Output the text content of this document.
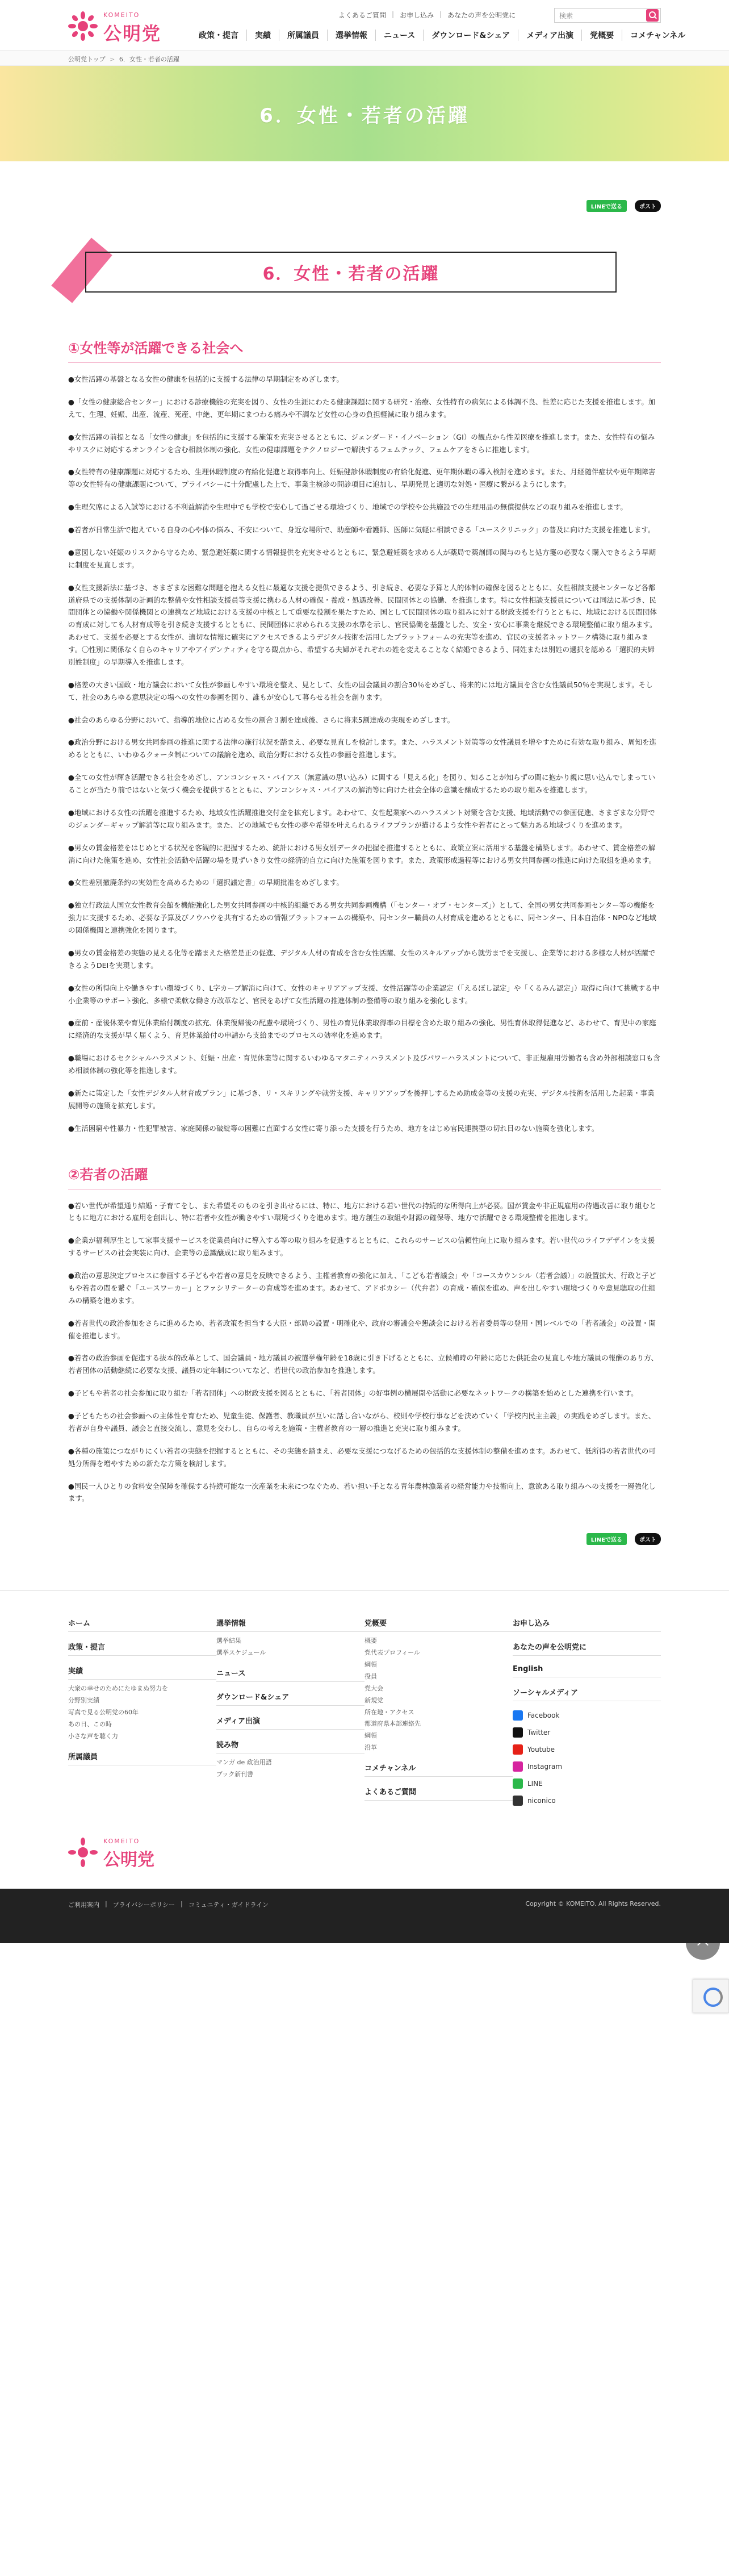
KOMEITO
公明党
よくあるご質問 | お申し込み | あなたの声を公明党に	検索
政策・提言	実績	所属議員	選挙情報	ニュース	ダウンロード&シェア	メディア出演	党概要	コメチャンネル
公明党トップ > 6．女性・若者の活躍
6．女性・若者の活躍
LINEで送る	ポスト
6．女性・若者の活躍
①女性等が活躍できる社会へ

●女性活躍の基盤となる女性の健康を包括的に支援する法律の早期制定をめざします。

●「女性の健康総合センター」における診療機能の充実を図り、女性の生涯にわたる健康課題に関する研究・治療、女性特有の病気による体調不良、性差に応じた支援を推進します。加えて、生理、妊娠、出産、流産、死産、中絶、更年期にまつわる痛みや不調など女性の心身の負担軽減に取り組みます。

●女性活躍の前提となる「女性の健康」を包括的に支援する施策を充実させるとともに、ジェンダード・イノベーション（GI）の観点から性差医療を推進します。また、女性特有の悩みやリスクに対応するオンラインを含む相談体制の強化、女性の健康課題をテクノロジーで解決するフェムテック、フェムケアをさらに推進します。

●女性特有の健康課題に対応するため、生理休暇制度の有給化促進と取得率向上、妊娠健診休暇制度の有給化促進、更年期休暇の導入検討を進めます。また、月経随伴症状や更年期障害等の女性特有の健康課題について、プライバシーに十分配慮した上で、事業主検診の問診項目に追加し、早期発見と適切な対処・医療に繋がるようにします。

●生理欠席による入試等における不利益解消や生理中でも学校で安心して過ごせる環境づくり、地域での学校や公共施設での生理用品の無償提供などの取り組みを推進します。

●若者が日常生活で抱えている自身の心や体の悩み、不安について、身近な場所で、助産師や看護師、医師に気軽に相談できる「ユースクリニック」の普及に向けた支援を推進します。

●意図しない妊娠のリスクから守るため、緊急避妊薬に関する情報提供を充実させるとともに、緊急避妊薬を求める人が薬局で薬剤師の関与のもと処方箋の必要なく購入できるよう早期に制度を見直します。

●女性支援新法に基づき、さまざまな困難な問題を抱える女性に最適な支援を提供できるよう、引き続き、必要な予算と人的体制の確保を図るとともに、女性相談支援センターなど各都道府県での支援体制の計画的な整備や女性相談支援員等支援に携わる人材の確保・養成・処遇改善、民間団体との協働、を推進します。特に女性相談支援員については同法に基づき、民間団体との協働や関係機関との連携など地域における支援の中核として重要な役割を果たすため、国として民間団体の取り組みに対する財政支援を行うとともに、地域における民間団体の育成に対しても人材育成等を引き続き支援するとともに、民間団体に求められる支援の水準を示し、官民協働を基盤とした、安全・安心に事業を継続できる環境整備に取り組みます。あわせて、支援を必要とする女性が、適切な情報に確実にアクセスできるようデジタル技術を活用したプラットフォームの充実等を進め、官民の支援者ネットワーク構築に取り組みます。〇性別に関係なく自らのキャリアやアイデンティティを守る観点から、希望する夫婦がそれぞれの姓を変えることなく結婚できるよう、同姓または別姓の選択を認める「選択的夫婦別姓制度」の早期導入を推進します。

●格差の大きい国政・地方議会において女性が参画しやすい環境を整え、見として、女性の国会議員の割合30％をめざし、将来的には地方議員を含む女性議員50％を実現します。そして、社会のあらゆる意思決定の場への女性の参画を図り、誰もが安心して暮らせる社会を創ります。

●社会のあらゆる分野において、指導的地位に占める女性の割合３割を達成後、さらに将来5割達成の実現をめざします。

●政治分野における男女共同参画の推進に関する法律の施行状況を踏まえ、必要な見直しを検討します。また、ハラスメント対策等の女性議員を増やすために有効な取り組み、周知を進めるとともに、いわゆるクォータ制についての議論を進め、政治分野における女性の参画を推進します。

●全ての女性が輝き活躍できる社会をめざし、アンコンシャス・バイアス（無意識の思い込み）に関する「見える化」を図り、知ることが知らずの間に抱かり親に思い込んでしまっていることが当たり前ではないと気づく機会を提供するとともに、アンコンシャス・バイアスの解消等に向けた社会全体の意識を醸成するための取り組みを推進します。

●地域における女性の活躍を推進するため、地域女性活躍推進交付金を拡充します。あわせて、女性起業家へのハラスメント対策を含む支援、地域活動での参画促進、さまざまな分野でのジェンダーギャップ解消等に取り組みます。また、どの地域でも女性の夢や希望を叶えられるライフプランが描けるよう女性や若者にとって魅力ある地域づくりを進めます。

●男女の賃金格差をはじめとする状況を客観的に把握するため、統計における男女別データの把握を推進するとともに、政策立案に活用する基盤を構築します。あわせて、賃金格差の解消に向けた施策を進め、女性社会活動や活躍の場を見ずいきり女性の経済的自立に向けた施策を図ります。また、政策形成過程等における男女共同参画の推進に向けた取組を進めます。

●女性差別撤廃条約の実効性を高めるための「選択議定書」の早期批准をめざします。

●独立行政法人国立女性教育会館を機能強化した男女共同参画の中核的組織である男女共同参画機構（「センター・オブ・センターズ」）として、全国の男女共同参画センター等の機能を強力に支援するため、必要な予算及びノウハウを共有するための情報プラットフォームの構築や、同センター職員の人材育成を進めるとともに、同センター、日本自治体・NPOなど地域の関係機関と連携強化を図ります。

●男女の賃金格差の実態の見える化等を踏まえた格差是正の促進、デジタル人材の育成を含む女性活躍、女性のスキルアップから就労までを支援し、企業等における多様な人材が活躍できるようDEIを実現します。

●女性の所得向上や働きやすい環境づくり、L字カーブ解消に向けて、女性のキャリアアップ支援、女性活躍等の企業認定（「えるぼし認定」や「くるみん認定」）取得に向けて挑戦する中小企業等のサポート強化、多様で柔軟な働き方改革など、官民をあげて女性活躍の推進体制の整備等の取り組みを強化します。

●産前・産後休業や育児休業給付制度の拡充、休業復帰後の配慮や環境づくり、男性の育児休業取得率の目標を含めた取り組みの強化、男性育休取得促進など、あわせて、育児中の家庭に経済的な支援が早く届くよう、育児休業給付の申請から支給までのプロセスの効率化を進めます。

●職場におけるセクシャルハラスメント、妊娠・出産・育児休業等に関するいわゆるマタニティハラスメント及びパワーハラスメントについて、非正規雇用労働者も含め外部相談窓口も含め相談体制の強化等を推進します。

●新たに策定した「女性デジタル人材育成プラン」に基づき、リ・スキリングや就労支援、キャリアアップを後押しするため助成金等の支援の充実、デジタル技術を活用した起業・事業展開等の施策を拡充します。

●生活困窮や性暴力・性犯罪被害、家庭関係の破綻等の困難に直面する女性に寄り添った支援を行うため、地方をはじめ官民連携型の切れ目のない施策を強化します。

②若者の活躍

●若い世代が希望通り結婚・子育てをし、また希望そのものを引き出せるには、特に、地方における若い世代の持続的な所得向上が必要。国が賃金や非正規雇用の待遇改善に取り組むとともに地方における雇用を創出し、特に若者や女性が働きやすい環境づくりを進めます。地方創生の取組や財源の確保等、地方で活躍できる環境整備を推進します。

●企業が福利厚生として家事支援サービスを従業員向けに導入する等の取り組みを促進するとともに、これらのサービスの信頼性向上に取り組みます。若い世代のライフデザインを支援するサービスの社会実装に向け、企業等の意識醸成に取り組みます。

●政治の意思決定プロセスに参画する子どもや若者の意見を反映できるよう、主権者教育の強化に加え、「こども若者議会」や「コースカウンシル（若者会議）」の設置拡大、行政と子どもや若者の間を繋ぐ「ユースワーカー」とファシリテーターの育成等を進めます。あわせて、アドボカシー（代弁者）の育成・確保を進め、声を出しやすい環境づくりや意見聴取の仕組みの構築を進めます。

●若者世代の政治参加をさらに進めるため、若者政策を担当する大臣・部局の設置・明確化や、政府の審議会や懇談会における若者委員等の登用・国レベルでの「若者議会」の設置・開催を推進します。

●若者の政治参画を促進する抜本的改革として、国会議員・地方議員の被選挙権年齢を18歳に引き下げるとともに、立候補時の年齢に応じた供託金の見直しや地方議員の報酬のあり方、若者団体の活動継続に必要な支援、議員の定年制についてなど、若世代の政治参加を推進します。

●子どもや若者の社会参加に取り組む「若者団体」への財政支援を図るとともに、「若者団体」の好事例の横展開や活動に必要なネットワークの構築を始めとした連携を行います。

●子どもたちの社会参画への主体性を育むため、児童生徒、保護者、教職員が互いに話し合いながら、校則や学校行事などを決めていく「学校内民主主義」の実践をめざします。また、若者が自身や議員、議会と直接交流し、意見を交わし、自らの考えを施策・主権者教育の一層の推進と充実に取り組みます。

●各種の施策につながりにくい若者の実態を把握するとともに、その実態を踏まえ、必要な支援につなげるための包括的な支援体制の整備を進めます。あわせて、低所得の若者世代の可処分所得を増やすための新たな方策を検討します。

●国民一人ひとりの食料安全保障を確保する持続可能な一次産業を未来につなぐため、若い担い手となる青年農林漁業者の経営能力や技術向上、意欲ある取り組みへの支援を一層強化します。

LINEで送る	ポスト
ホーム
政策・提言
実績
大衆の幸せのためにたゆまぬ努力を
分野別実績
写真で見る公明党の60年
あの日、この時
小さな声を聴く力
所属議員
選挙情報
選挙結果
選挙スケジュール
ニュース
ダウンロード&シェア
メディア出演
読み物
マンガ de 政治用語
ブック新刊書
党概要
概要
党代表プロフィール
綱領
役員
党大会
新規党
所在地・アクセス
都道府県本部連絡先
綱領
沿革
コメチャンネル
よくあるご質問
お申し込み
あなたの声を公明党に
English
ソーシャルメディア
Facebook
Twitter
Youtube
Instagram
LINE
niconico
KOMEITO
公明党
ご利用案内 | プライバシーポリシー | コミュニティ・ガイドライン	Copyright © KOMEITO. All Rights Reserved.
